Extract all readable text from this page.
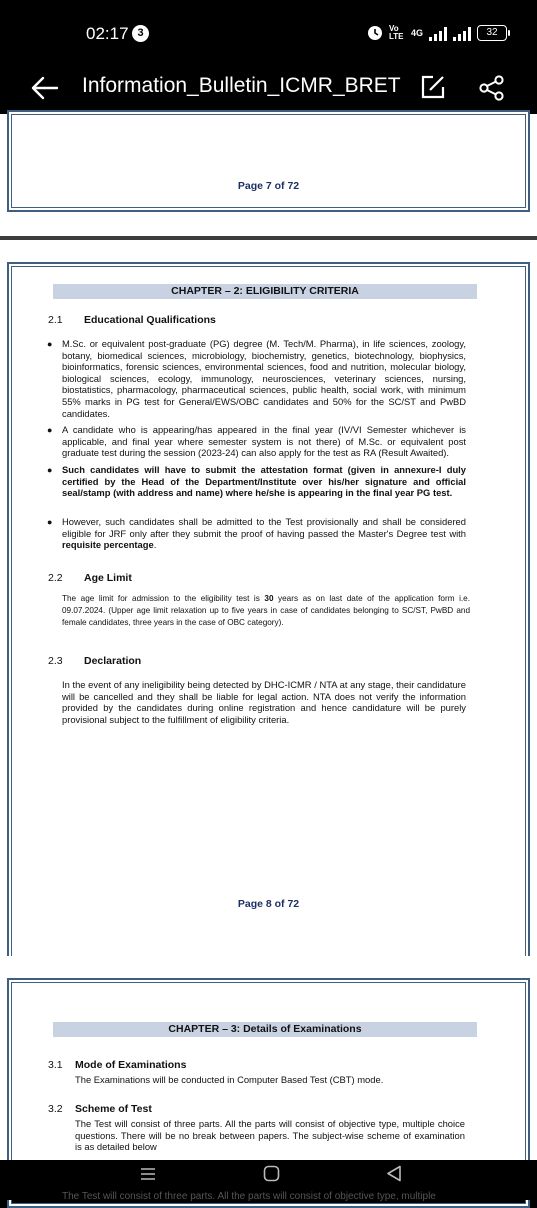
02:17 3	Vo LTE 4G	32
Information_Bulletin_ICMR_BRET
Page 7 of 72
CHAPTER – 2: ELIGIBILITY CRITERIA
2.1 Educational Qualifications
● M.Sc. or equivalent post-graduate (PG) degree (M. Tech/M. Pharma), in life sciences, zoology, botany, biomedical sciences, microbiology, biochemistry, genetics, biotechnology, biophysics, bioinformatics, forensic sciences, environmental sciences, food and nutrition, molecular biology, biological sciences, ecology, immunology, neurosciences, veterinary sciences, nursing, biostatistics, pharmacology, pharmaceutical sciences, public health, social work, with minimum 55% marks in PG test for General/EWS/OBC candidates and 50% for the SC/ST and PwBD candidates.
● A candidate who is appearing/has appeared in the final year (IV/VI Semester whichever is applicable, and final year where semester system is not there) of M.Sc. or equivalent post graduate test during the session (2023-24) can also apply for the test as RA (Result Awaited).
● Such candidates will have to submit the attestation format (given in annexure-I duly certified by the Head of the Department/Institute over his/her signature and official seal/stamp (with address and name) where he/she is appearing in the final year PG test.
● However, such candidates shall be admitted to the Test provisionally and shall be considered eligible for JRF only after they submit the proof of having passed the Master's Degree test with requisite percentage.
2.2 Age Limit
The age limit for admission to the eligibility test is 30 years as on last date of the application form i.e. 09.07.2024. (Upper age limit relaxation up to five years in case of candidates belonging to SC/ST, PwBD and female candidates, three years in the case of OBC category).
2.3 Declaration
In the event of any ineligibility being detected by DHC-ICMR / NTA at any stage, their candidature will be cancelled and they shall be liable for legal action. NTA does not verify the information provided by the candidates during online registration and hence candidature will be purely provisional subject to the fulfillment of eligibility criteria.
Page 8 of 72
CHAPTER – 3: Details of Examinations
3.1 Mode of Examinations
The Examinations will be conducted in Computer Based Test (CBT) mode.
3.2 Scheme of Test
The Test will consist of three parts. All the parts will consist of objective type, multiple choice questions. There will be no break between papers. The subject-wise scheme of examination is as detailed below
The Test will consist of three parts. All the parts will consist of objective type, multiple
